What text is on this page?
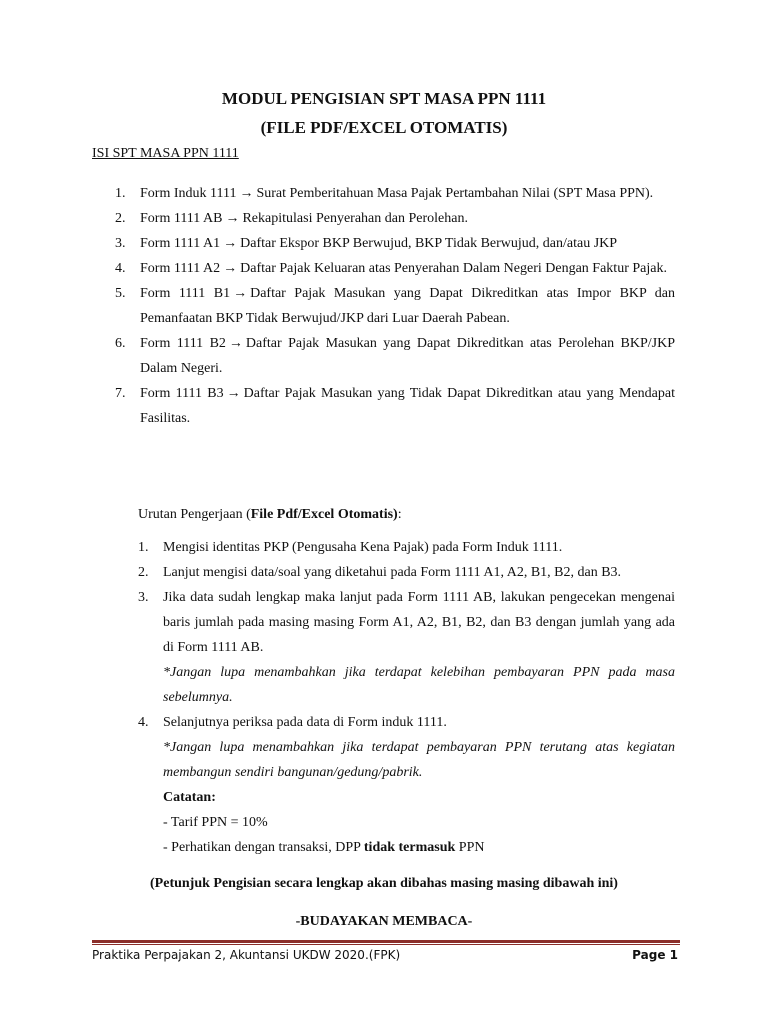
MODUL PENGISIAN SPT MASA PPN 1111
(FILE PDF/EXCEL OTOMATIS)
ISI SPT MASA PPN 1111
1. Form Induk 1111 → Surat Pemberitahuan Masa Pajak Pertambahan Nilai (SPT Masa PPN).
2. Form 1111 AB → Rekapitulasi Penyerahan dan Perolehan.
3. Form 1111 A1 → Daftar Ekspor BKP Berwujud, BKP Tidak Berwujud, dan/atau JKP
4. Form 1111 A2 → Daftar Pajak Keluaran atas Penyerahan Dalam Negeri Dengan Faktur Pajak.
5. Form 1111 B1 → Daftar Pajak Masukan yang Dapat Dikreditkan atas Impor BKP dan Pemanfaatan BKP Tidak Berwujud/JKP dari Luar Daerah Pabean.
6. Form 1111 B2 → Daftar Pajak Masukan yang Dapat Dikreditkan atas Perolehan BKP/JKP Dalam Negeri.
7. Form 1111 B3 → Daftar Pajak Masukan yang Tidak Dapat Dikreditkan atau yang Mendapat Fasilitas.
Urutan Pengerjaan (File Pdf/Excel Otomatis):
1. Mengisi identitas PKP (Pengusaha Kena Pajak) pada Form Induk 1111.
2. Lanjut mengisi data/soal yang diketahui pada Form 1111 A1, A2, B1, B2, dan B3.
3. Jika data sudah lengkap maka lanjut pada Form 1111 AB, lakukan pengecekan mengenai baris jumlah pada masing masing Form A1, A2, B1, B2, dan B3 dengan jumlah yang ada di Form 1111 AB.
*Jangan lupa menambahkan jika terdapat kelebihan pembayaran PPN pada masa sebelumnya.
4. Selanjutnya periksa pada data di Form induk 1111.
*Jangan lupa menambahkan jika terdapat pembayaran PPN terutang atas kegiatan membangun sendiri bangunan/gedung/pabrik.
Catatan:
- Tarif PPN = 10%
- Perhatikan dengan transaksi, DPP tidak termasuk PPN
(Petunjuk Pengisian secara lengkap akan dibahas masing masing dibawah ini)
-BUDAYAKAN MEMBACA-
Praktika Perpajakan 2, Akuntansi UKDW 2020.(FPK)	Page 1
